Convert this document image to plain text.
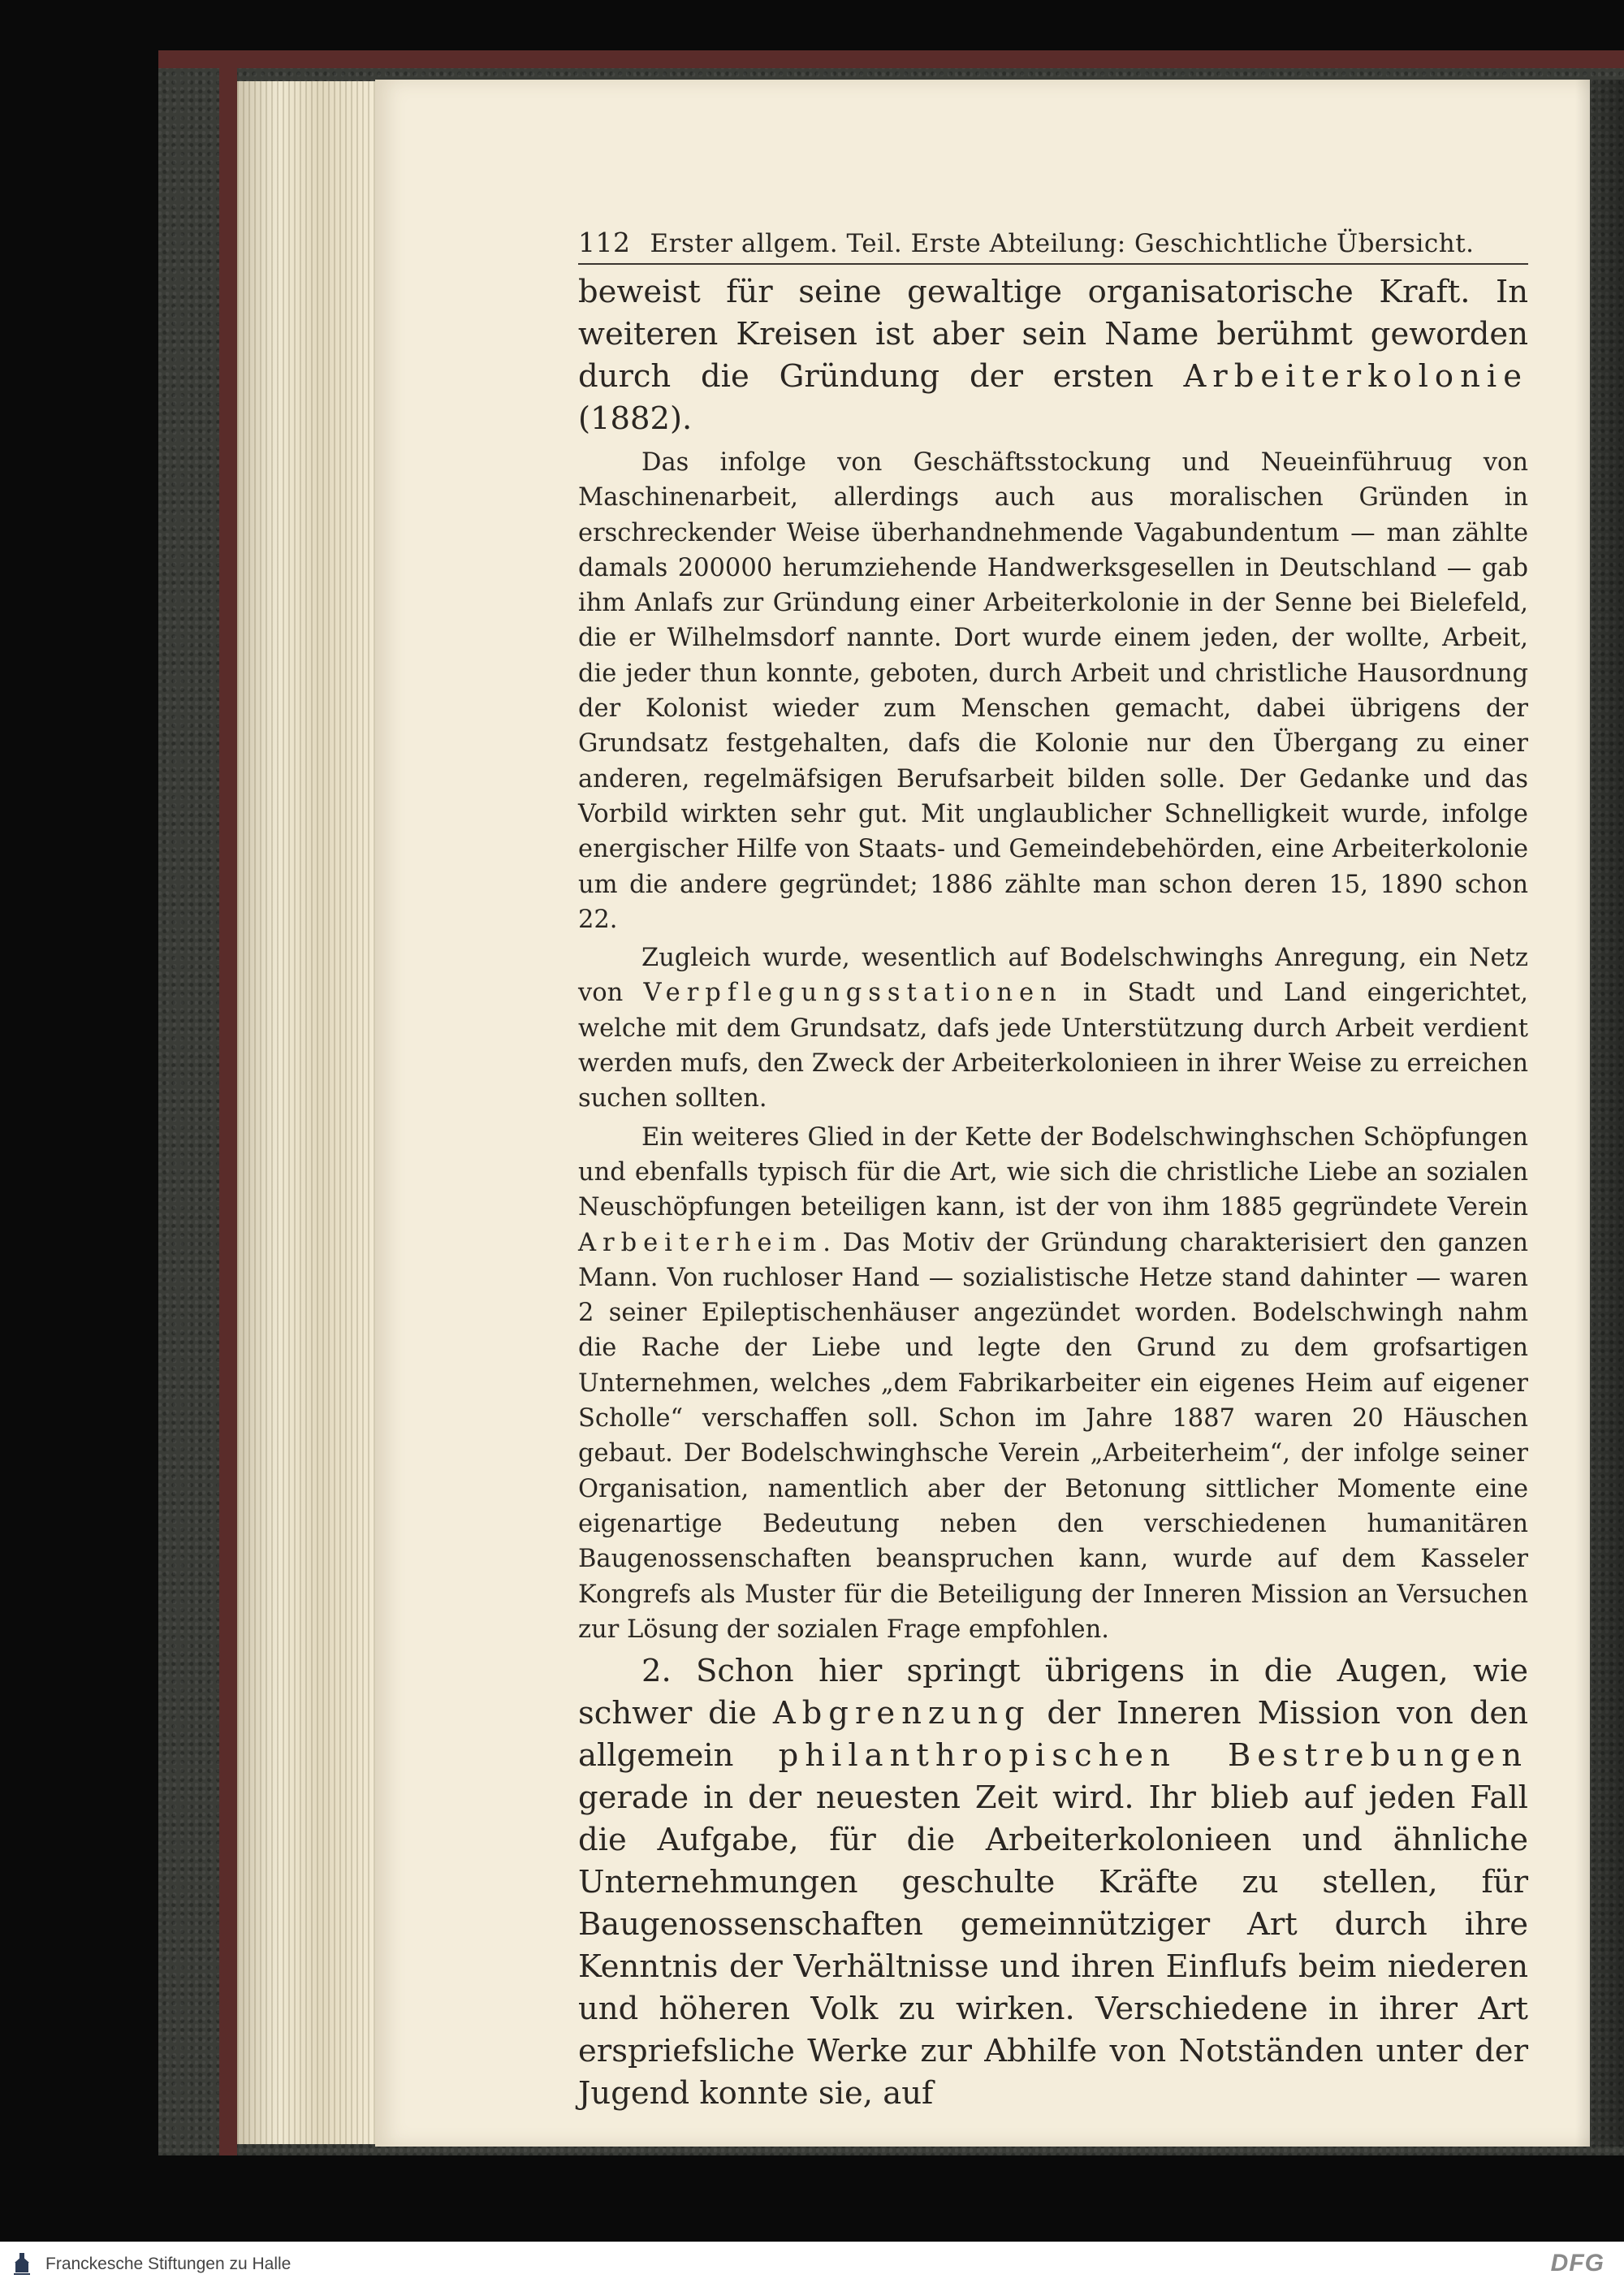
112 Erster allgem. Teil. Erste Abteilung: Geschichtliche Übersicht.

beweist für seine gewaltige organisatorische Kraft. In weiteren Kreisen ist aber sein Name berühmt geworden durch die Gründung der ersten Arbeiterkolonie (1882).

Das infolge von Geschäftsstockung und Neueinführuug von Maschinenarbeit, allerdings auch aus moralischen Gründen in erschreckender Weise überhandnehmende Vagabundentum — man zählte damals 200000 herumziehende Handwerksgesellen in Deutschland — gab ihm Anlafs zur Gründung einer Arbeiterkolonie in der Senne bei Bielefeld, die er Wilhelmsdorf nannte. Dort wurde einem jeden, der wollte, Arbeit, die jeder thun konnte, geboten, durch Arbeit und christliche Hausordnung der Kolonist wieder zum Menschen gemacht, dabei übrigens der Grundsatz festgehalten, dafs die Kolonie nur den Übergang zu einer anderen, regelmäfsigen Berufsarbeit bilden solle. Der Gedanke und das Vorbild wirkten sehr gut. Mit unglaublicher Schnelligkeit wurde, infolge energischer Hilfe von Staats- und Gemeindebehörden, eine Arbeiterkolonie um die andere gegründet; 1886 zählte man schon deren 15, 1890 schon 22.

Zugleich wurde, wesentlich auf Bodelschwinghs Anregung, ein Netz von Verpflegungsstationen in Stadt und Land eingerichtet, welche mit dem Grundsatz, dafs jede Unterstützung durch Arbeit verdient werden mufs, den Zweck der Arbeiterkolonieen in ihrer Weise zu erreichen suchen sollten.

Ein weiteres Glied in der Kette der Bodelschwinghschen Schöpfungen und ebenfalls typisch für die Art, wie sich die christliche Liebe an sozialen Neuschöpfungen beteiligen kann, ist der von ihm 1885 gegründete Verein Arbeiterheim. Das Motiv der Gründung charakterisiert den ganzen Mann. Von ruchloser Hand — sozialistische Hetze stand dahinter — waren 2 seiner Epileptischenhäuser angezündet worden. Bodelschwingh nahm die Rache der Liebe und legte den Grund zu dem grofsartigen Unternehmen, welches „dem Fabrikarbeiter ein eigenes Heim auf eigener Scholle“ verschaffen soll. Schon im Jahre 1887 waren 20 Häuschen gebaut. Der Bodelschwinghsche Verein „Arbeiterheim“, der infolge seiner Organisation, namentlich aber der Betonung sittlicher Momente eine eigenartige Bedeutung neben den verschiedenen humanitären Baugenossenschaften beanspruchen kann, wurde auf dem Kasseler Kongrefs als Muster für die Beteiligung der Inneren Mission an Versuchen zur Lösung der sozialen Frage empfohlen.

2. Schon hier springt übrigens in die Augen, wie schwer die Abgrenzung der Inneren Mission von den allgemein philanthropischen Bestrebungen gerade in der neuesten Zeit wird. Ihr blieb auf jeden Fall die Aufgabe, für die Arbeiterkolonieen und ähnliche Unternehmungen geschulte Kräfte zu stellen, für Baugenossenschaften gemeinnütziger Art durch ihre Kenntnis der Verhältnisse und ihren Einflufs beim niederen und höheren Volk zu wirken. Verschiedene in ihrer Art erspriefsliche Werke zur Abhilfe von Notständen unter der Jugend konnte sie, auf

Franckesche Stiftungen zu Halle	DFG
